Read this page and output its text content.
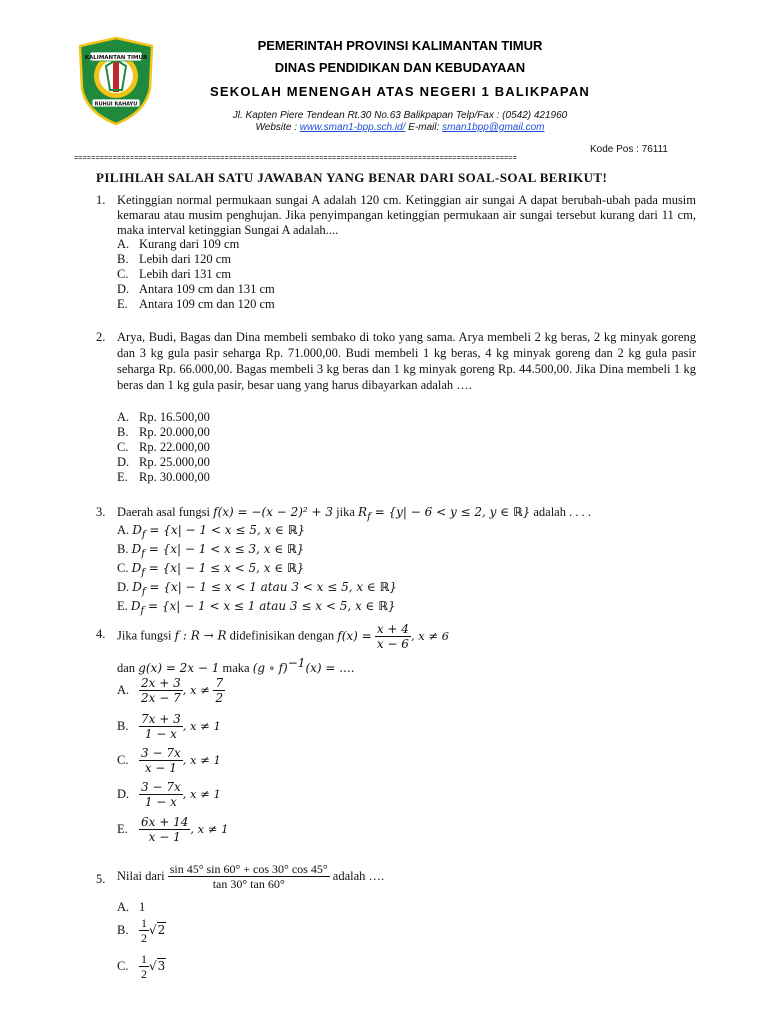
KALIMANTAN TIMUR
RUHUI RAHAYU
PEMERINTAH PROVINSI KALIMANTAN TIMUR
DINAS PENDIDIKAN DAN KEBUDAYAAN
SEKOLAH MENENGAH ATAS NEGERI 1 BALIKPAPAN
Jl. Kapten Piere Tendean Rt.30 No.63 Balikpapan Telp/Fax : (0542) 421960
Website : www.sman1-bpp.sch.id/ E-mail: sman1bpp@gmail.com
Kode Pos : 76111
=======================================================================================================
PILIHLAH SALAH SATU JAWABAN YANG BENAR DARI SOAL-SOAL BERIKUT!
1. Ketinggian normal permukaan sungai A adalah 120 cm. Ketinggian air sungai A dapat berubah-ubah pada musim kemarau atau musim penghujan. Jika penyimpangan ketinggian permukaan air sungai tersebut kurang dari 11 cm, maka interval ketinggian Sungai A adalah....
A. Kurang dari 109 cm
B. Lebih dari 120 cm
C. Lebih dari 131 cm
D. Antara 109 cm dan 131 cm
E. Antara 109 cm dan 120 cm
2. Arya, Budi, Bagas dan Dina membeli sembako di toko yang sama. Arya membeli 2 kg beras, 2 kg minyak goreng dan 3 kg gula pasir seharga Rp. 71.000,00. Budi membeli 1 kg beras, 4 kg minyak goreng dan 2 kg gula pasir seharga Rp. 66.000,00. Bagas membeli 3 kg beras dan 1 kg minyak goreng Rp. 44.500,00. Jika Dina membeli 1 kg beras dan 1 kg gula pasir, besar uang yang harus dibayarkan adalah ….
A. Rp. 16.500,00
B. Rp. 20.000,00
C. Rp. 22.000,00
D. Rp. 25.000,00
E. Rp. 30.000,00
3. Daerah asal fungsi f(x) = −(x − 2)² + 3 jika $R_f = \{y| - 6 < y \le 2$, y ∈ ℝ} adalah . . . .
A. $D_f = \{x| - 1 < x \le 5$, x ∈ ℝ}
B. $D_f = \{x| - 1 < x \le 3$, x ∈ ℝ}
C. $D_f = \{x| - 1 \le x < 5$, x ∈ ℝ}
D. $D_f = \{x| - 1 \le x < 1$ atau 3 < x ≤ 5, x ∈ ℝ}
E. $D_f = \{x| - 1 < x \le 1$ atau 3 ≤ x < 5, x ∈ ℝ}
4. Jika fungsi f : R → R didefinisikan dengan $f(x) = \frac{x + 4}{x - 6}$ , x ≠ 6
dan g(x) = 2x − 1 maka (g ∘ f)$^{-1}$(x) = ....
A. $\frac{2x + 3}{2x - 7}$ , $x \ne \frac{7}{2}$
B. $\frac{7x + 3}{1 - x}$ , x ≠ 1
C. $\frac{3 - 7x}{x - 1}$ , x ≠ 1
D. $\frac{3 - 7x}{1 - x}$ , x ≠ 1
E. $\frac{6x + 14}{x - 1}$ , x ≠ 1
5. Nilai dari $\frac{\sin 45^\circ \sin 60^\circ + \cos 30^\circ \cos 45^\circ}{\tan 30^\circ \tan 60^\circ}$ adalah ….
A. 1
B. $\frac{1}{2} √2$
C. $\frac{1}{2} √3$
